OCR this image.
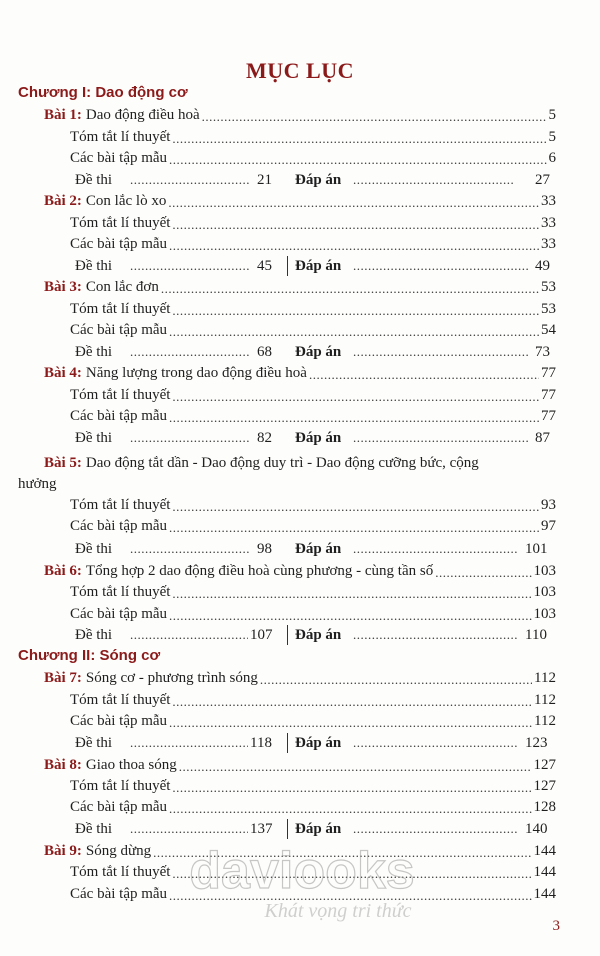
MỤC LỤC
Chương I: Dao động cơ
Bài 1: Dao động điều hoà .....	5
Tóm tắt lí thuyết .....	5
Các bài tập mẫu .....	6
Đề thi .....	21 Đáp án .....	27
Bài 2: Con lắc lò xo .....	33
Tóm tắt lí thuyết .....	33
Các bài tập mẫu .....	33
Đề thi .....	45 Đáp án .....	49
Bài 3: Con lắc đơn .....	53
Tóm tắt lí thuyết .....	53
Các bài tập mẫu .....	54
Đề thi .....	68 Đáp án .....	73
Bài 4: Năng lượng trong dao động điều hoà .....	77
Tóm tắt lí thuyết .....	77
Các bài tập mẫu .....	77
Đề thi .....	82 Đáp án .....	87
Bài 5: Dao động tắt dần - Dao động duy trì - Dao động cưỡng bức, cộng
hưởng
Tóm tắt lí thuyết .....	93
Các bài tập mẫu .....	97
Đề thi .....	98 Đáp án .....	101
Bài 6: Tổng hợp 2 dao động điều hoà cùng phương - cùng tần số .....	103
Tóm tắt lí thuyết .....	103
Các bài tập mẫu .....	103
Đề thi .....	107 Đáp án .....	110
Chương II: Sóng cơ
Bài 7: Sóng cơ - phương trình sóng .....	112
Tóm tắt lí thuyết .....	112
Các bài tập mẫu .....	112
Đề thi .....	118 Đáp án .....	123
Bài 8: Giao thoa sóng .....	127
Tóm tắt lí thuyết .....	127
Các bài tập mẫu .....	128
Đề thi .....	137 Đáp án .....	140
Bài 9: Sóng dừng .....	144
Tóm tắt lí thuyết .....	144
Các bài tập mẫu .....	144
daviooks
Khát vọng tri thức
3
